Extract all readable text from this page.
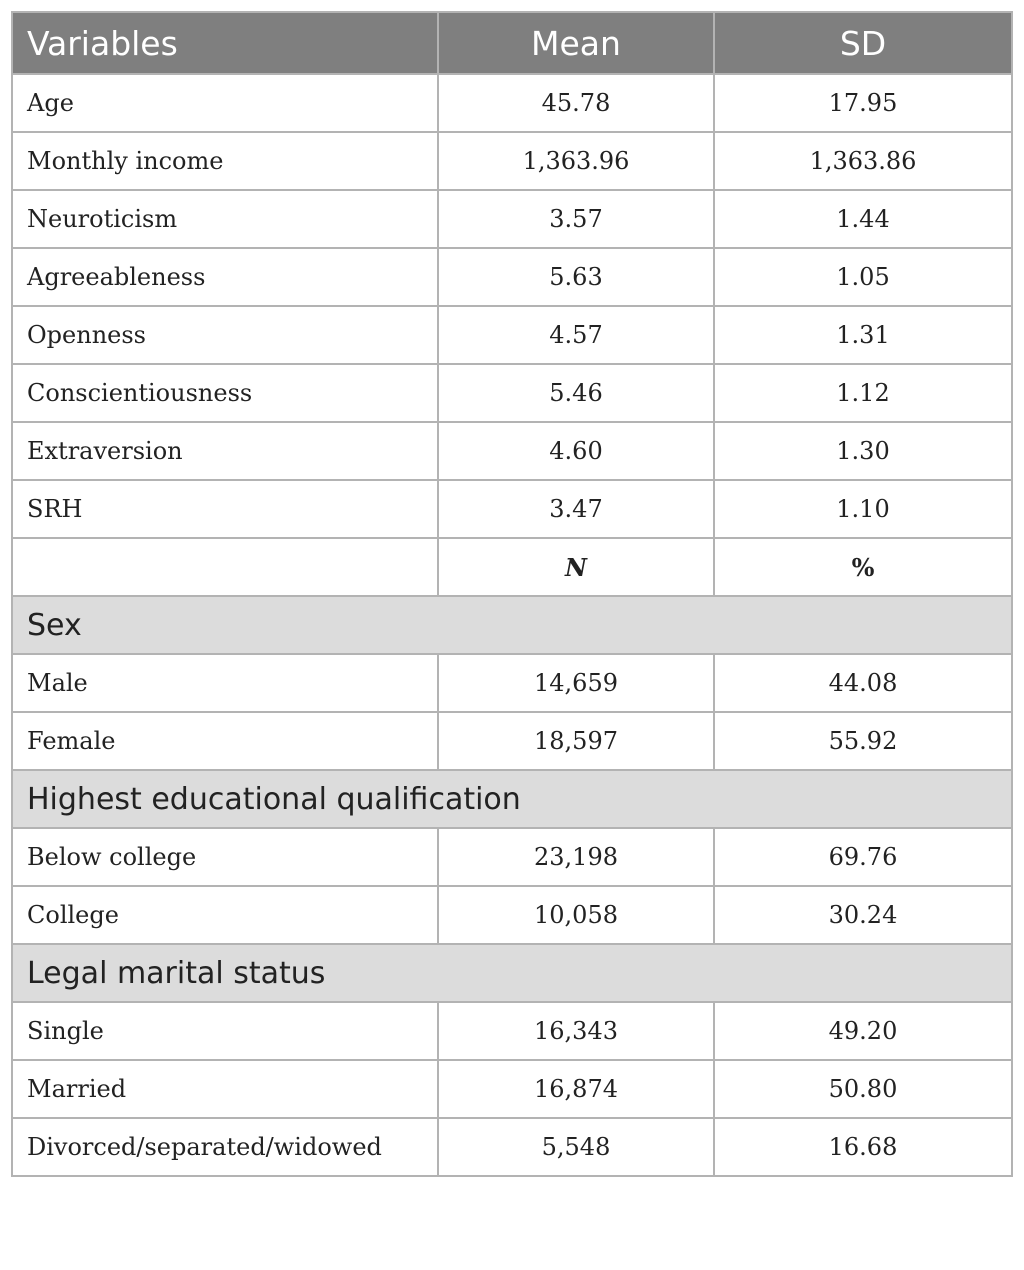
Variables	Mean	SD
Age	45.78	17.95
Monthly income	1,363.96	1,363.86
Neuroticism	3.57	1.44
Agreeableness	5.63	1.05
Openness	4.57	1.31
Conscientiousness	5.46	1.12
Extraversion	4.60	1.30
SRH	3.47	1.10
	N	%
Sex		
Male	14,659	44.08
Female	18,597	55.92
Highest educational qualification		
Below college	23,198	69.76
College	10,058	30.24
Legal marital status		
Single	16,343	49.20
Married	16,874	50.80
Divorced/separated/widowed	5,548	16.68
